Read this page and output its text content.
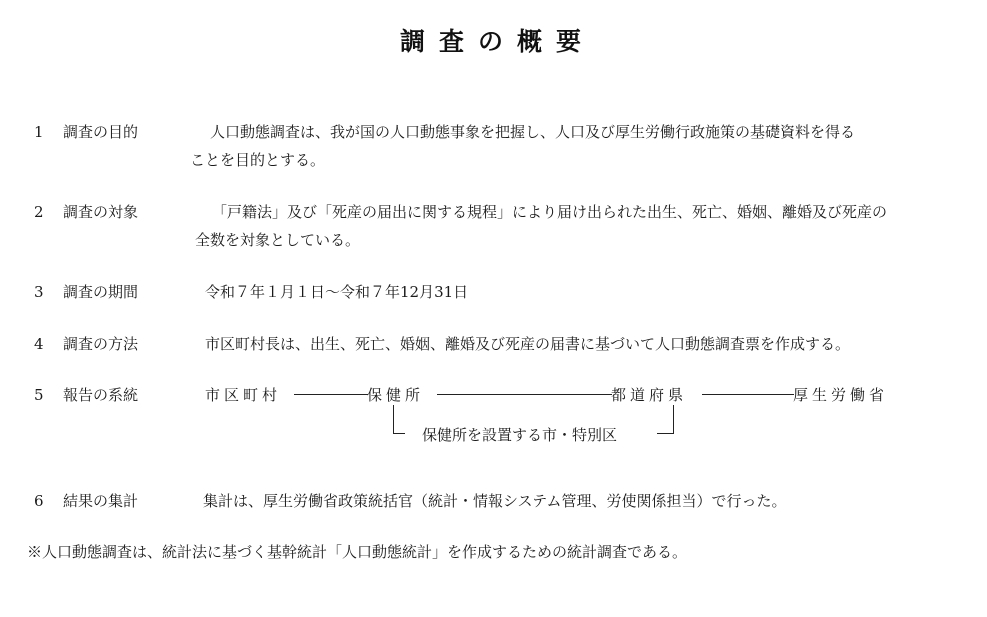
調査の概要
1 調査の目的	人口動態調査は、我が国の人口動態事象を把握し、人口及び厚生労働行政施策の基礎資料を得る
ことを目的とする。
2 調査の対象	「戸籍法」及び「死産の届出に関する規程」により届け出られた出生、死亡、婚姻、離婚及び死産の
全数を対象としている。
3 調査の期間	令和７年１月１日～令和７年12月31日
4 調査の方法	市区町村長は、出生、死亡、婚姻、離婚及び死産の届書に基づいて人口動態調査票を作成する。
5 報告の系統	市区町村	保健所	都道府県	厚生労働省
保健所を設置する市・特別区
6 結果の集計	集計は、厚生労働省政策統括官（統計・情報システム管理、労使関係担当）で行った。
※人口動態調査は、統計法に基づく基幹統計「人口動態統計」を作成するための統計調査である。
